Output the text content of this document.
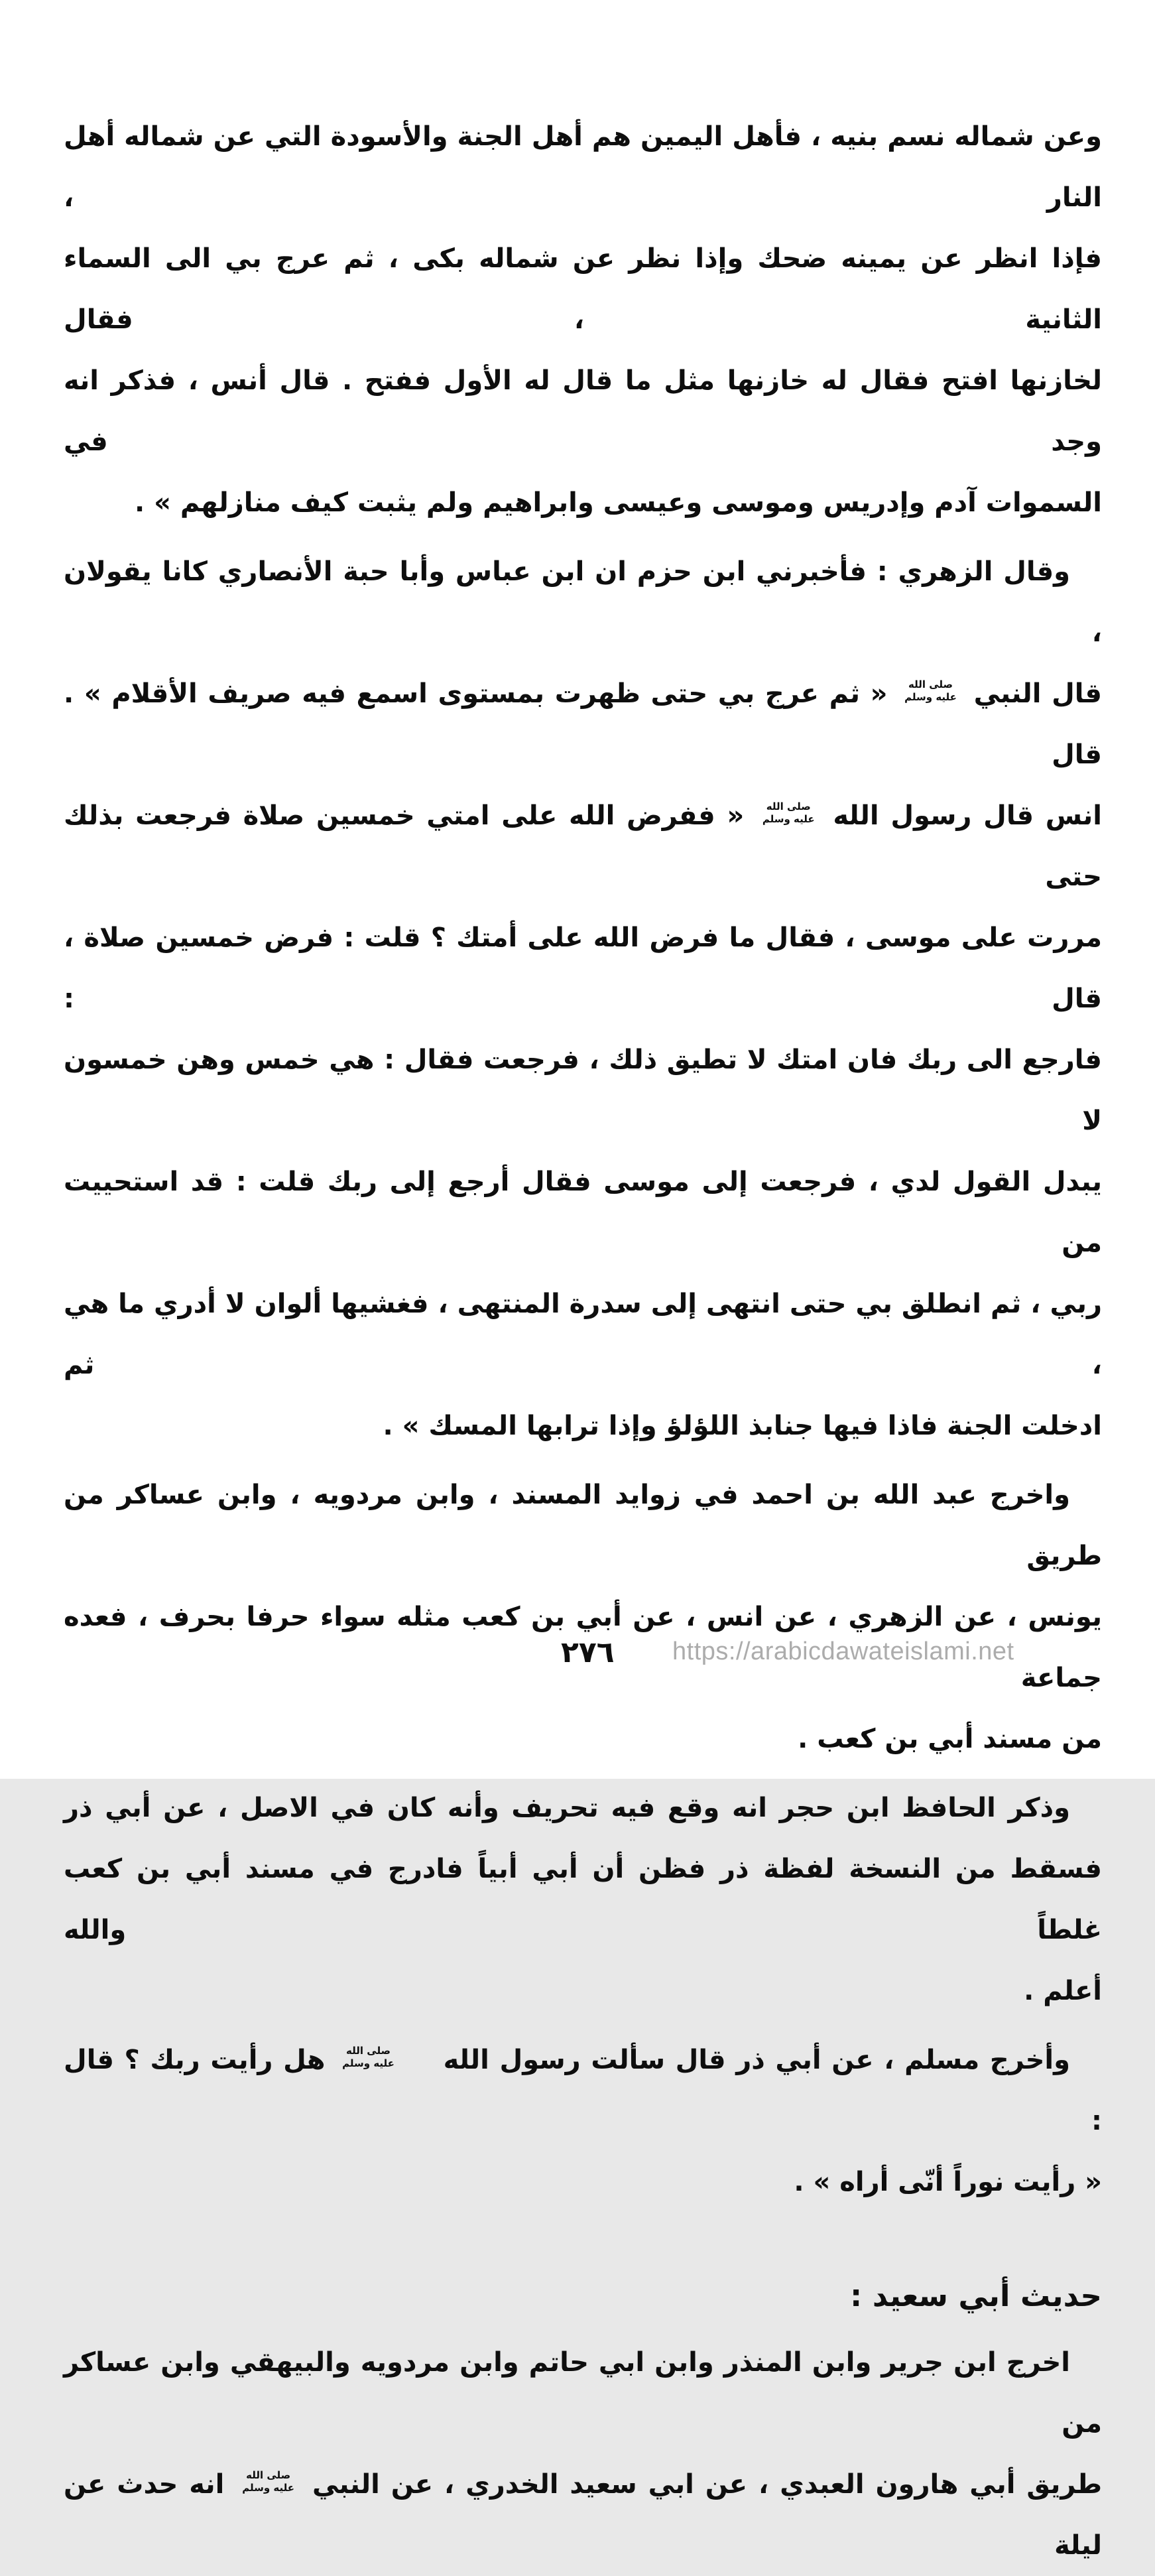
وعن شماله نسم بنيه ، فأهل اليمين هم أهل الجنة والأسودة التي عن شماله أهل النار ،
فإذا انظر عن يمينه ضحك وإذا نظر عن شماله بكى ، ثم عرج بي الى السماء الثانية ، فقال
لخازنها افتح فقال له خازنها مثل ما قال له الأول ففتح . قال أنس ، فذكر انه وجد في
السموات آدم وإدريس وموسى وعيسى وابراهيم ولم يثبت كيف منازلهم » .
وقال الزهري : فأخبرني ابن حزم ان ابن عباس وأبا حبة الأنصاري كانا يقولان ،
قال النبي
صلى الله
عليه وسلم
« ثم عرج بي حتى ظهرت بمستوى اسمع فيه صريف الأقلام » . قال
انس قال رسول الله
صلى الله
عليه وسلم
« ففرض الله على امتي خمسين صلاة فرجعت بذلك حتى
مررت على موسى ، فقال ما فرض الله على أمتك ؟ قلت : فرض خمسين صلاة ، قال :
فارجع الى ربك فان امتك لا تطيق ذلك ، فرجعت فقال : هي خمس وهن خمسون لا
يبدل القول لدي ، فرجعت إلى موسى فقال أرجع إلى ربك قلت : قد استحييت من
ربي ، ثم انطلق بي حتى انتهى إلى سدرة المنتهى ، فغشيها ألوان لا أدري ما هي ، ثم
ادخلت الجنة فاذا فيها جنابذ اللؤلؤ وإذا ترابها المسك » .
واخرج عبد الله بن احمد في زوايد المسند ، وابن مردويه ، وابن عساكر من طريق
يونس ، عن الزهري ، عن انس ، عن أبي بن كعب مثله سواء حرفا بحرف ، فعده جماعة
من مسند أبي بن كعب .
وذكر الحافظ ابن حجر انه وقع فيه تحريف وأنه كان في الاصل ، عن أبي ذر
فسقط من النسخة لفظة ذر فظن أن أبي أبياً فادرج في مسند أبي بن كعب غلطاً والله
أعلم .
وأخرج مسلم ، عن أبي ذر قال سألت رسول الله
صلى الله
عليه وسلم
هل رأيت ربك ؟ قال :
« رأيت نوراً أنّى أراه » .
حديث أبي سعيد :
اخرج ابن جرير وابن المنذر وابن ابي حاتم وابن مردويه والبيهقي وابن عساكر من
طريق أبي هارون العبدي ، عن ابي سعيد الخدري ، عن النبي
صلى الله
عليه وسلم
انه حدث عن ليلة
٢٧٦ https://arabicdawateislami.net
